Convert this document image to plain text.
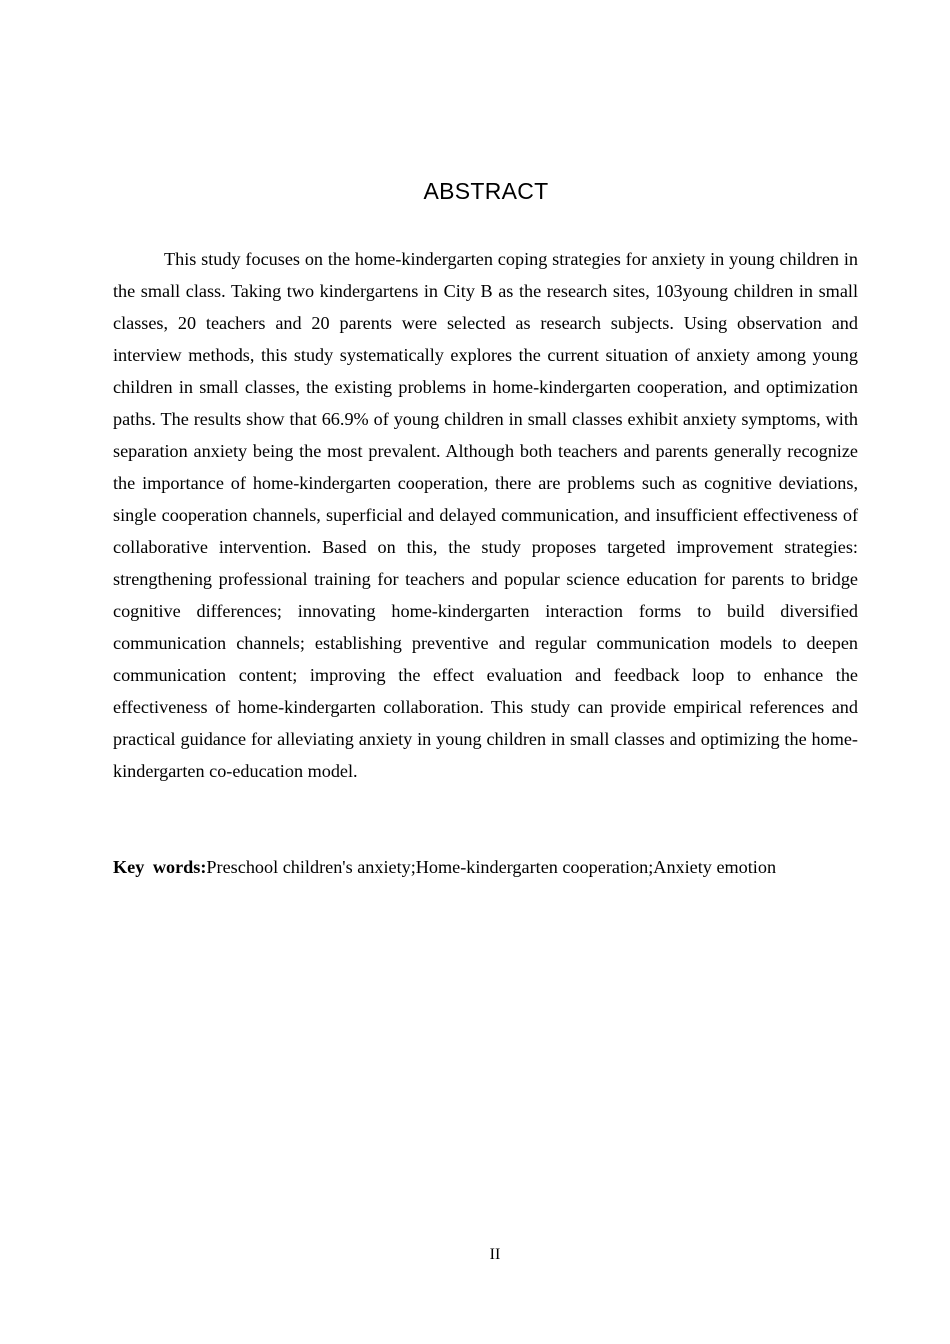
ABSTRACT

This study focuses on the home-kindergarten coping strategies for anxiety in young children in the small class. Taking two kindergartens in City B as the research sites, 103young children in small classes, 20 teachers and 20 parents were selected as research subjects. Using observation and interview methods, this study systematically explores the current situation of anxiety among young children in small classes, the existing problems in home-kindergarten cooperation, and optimization paths. The results show that 66.9% of young children in small classes exhibit anxiety symptoms, with separation anxiety being the most prevalent. Although both teachers and parents generally recognize the importance of home-kindergarten cooperation, there are problems such as cognitive deviations, single cooperation channels, superficial and delayed communication, and insufficient effectiveness of collaborative intervention. Based on this, the study proposes targeted improvement strategies: strengthening professional training for teachers and popular science education for parents to bridge cognitive differences; innovating home-kindergarten interaction forms to build diversified communication channels; establishing preventive and regular communication models to deepen communication content; improving the effect evaluation and feedback loop to enhance the effectiveness of home-kindergarten collaboration. This study can provide empirical references and practical guidance for alleviating anxiety in young children in small classes and optimizing the home-kindergarten co-education model.

Key words:Preschool children's anxiety;Home-kindergarten cooperation;Anxiety emotion

II
